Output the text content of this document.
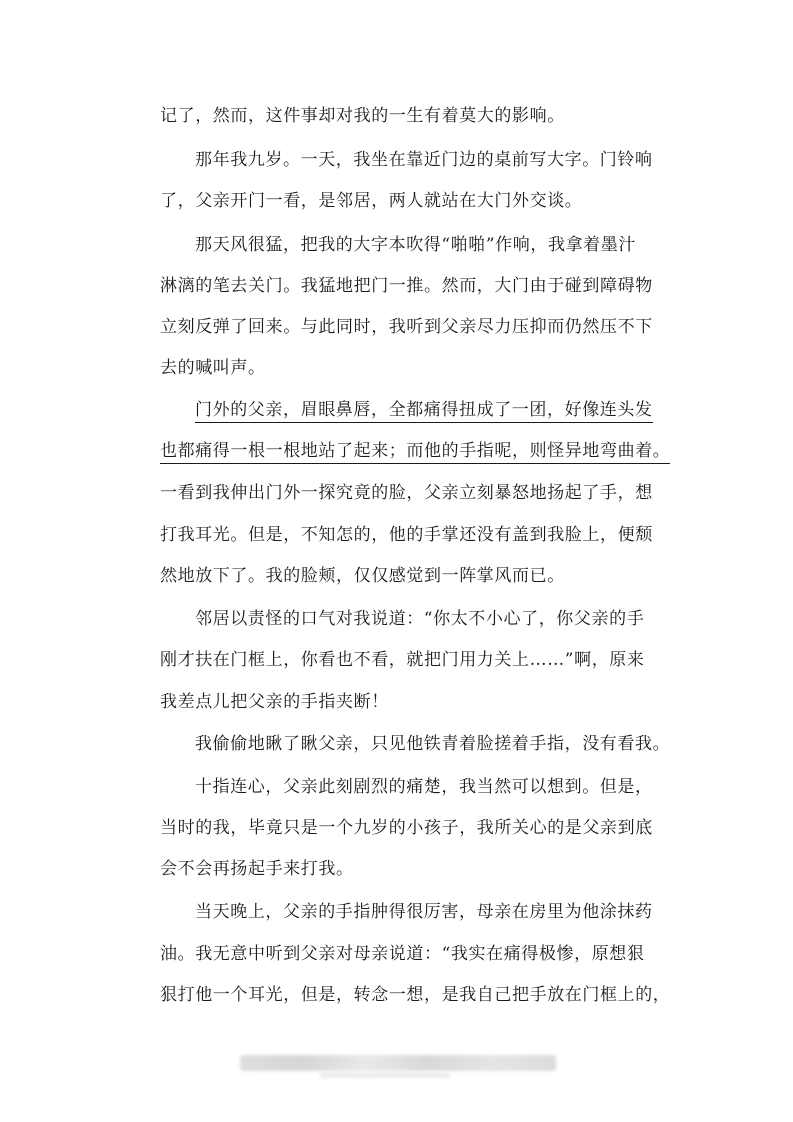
记了，然而，这件事却对我的一生有着莫大的影响。
那年我九岁。一天，我坐在靠近门边的桌前写大字。门铃响
了，父亲开门一看，是邻居，两人就站在大门外交谈。
那天风很猛，把我的大字本吹得“啪啪”作响，我拿着墨汁
淋漓的笔去关门。我猛地把门一推。然而，大门由于碰到障碍物
立刻反弹了回来。与此同时，我听到父亲尽力压抑而仍然压不下
去的喊叫声。
门外的父亲，眉眼鼻唇，全都痛得扭成了一团，好像连头发
也都痛得一根一根地站了起来；而他的手指呢，则怪异地弯曲着。
一看到我伸出门外一探究竟的脸，父亲立刻暴怒地扬起了手，想
打我耳光。但是，不知怎的，他的手掌还没有盖到我脸上，便颓
然地放下了。我的脸颊，仅仅感觉到一阵掌风而已。
邻居以责怪的口气对我说道：“你太不小心了，你父亲的手
刚才扶在门框上，你看也不看，就把门用力关上……”啊，原来
我差点儿把父亲的手指夹断！
我偷偷地瞅了瞅父亲，只见他铁青着脸搓着手指，没有看我。
十指连心，父亲此刻剧烈的痛楚，我当然可以想到。但是，
当时的我，毕竟只是一个九岁的小孩子，我所关心的是父亲到底
会不会再扬起手来打我。
当天晚上，父亲的手指肿得很厉害，母亲在房里为他涂抹药
油。我无意中听到父亲对母亲说道：“我实在痛得极惨，原想狠
狠打他一个耳光，但是，转念一想，是我自己把手放在门框上的，
